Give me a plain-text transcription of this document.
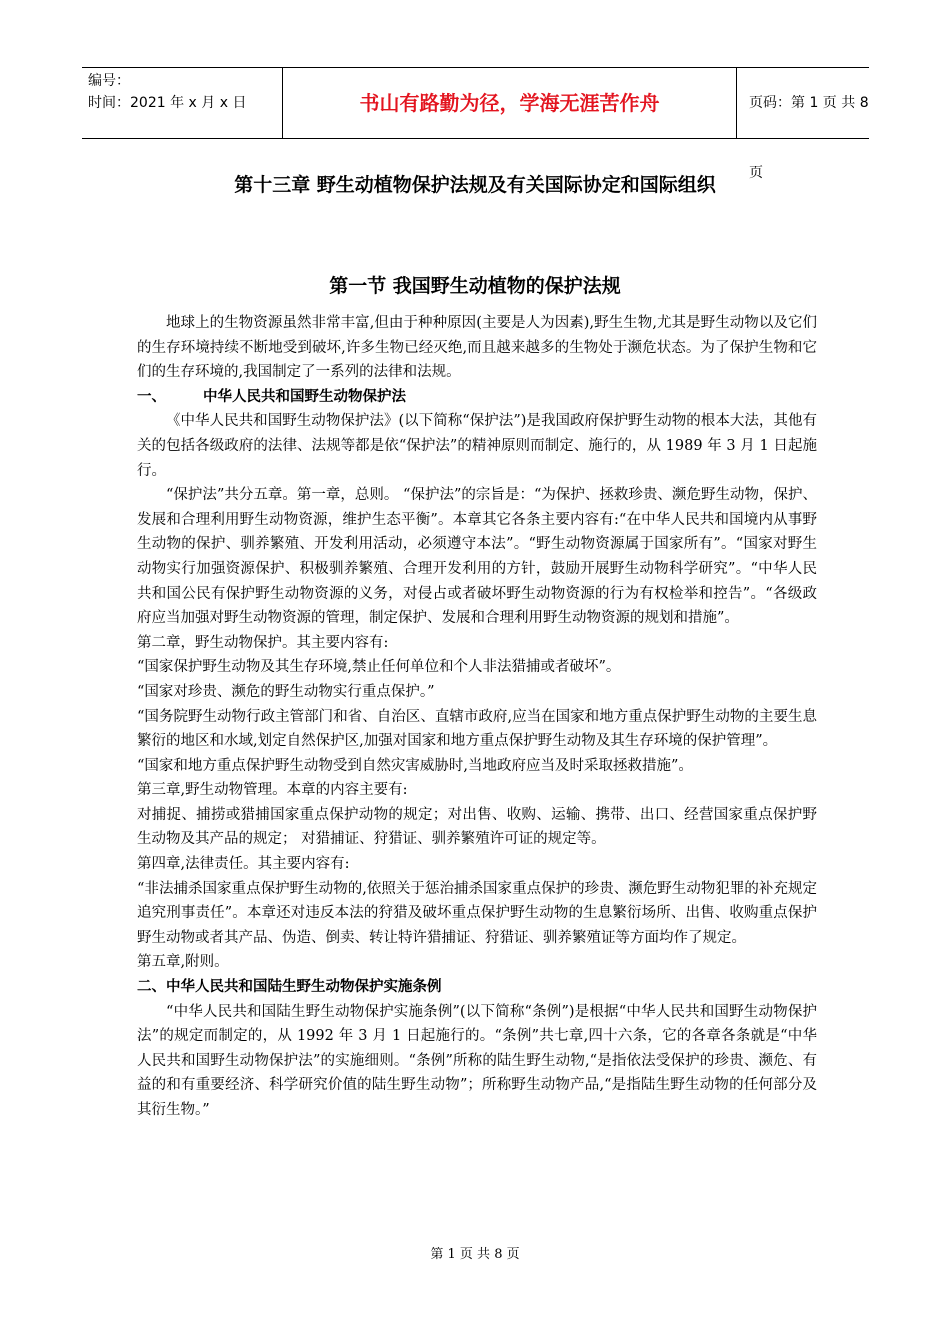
编号：
时间：2021 年 x 月 x 日	书山有路勤为径，学海无涯苦作舟	页码：第 1 页 共 8 页
第十三章 野生动植物保护法规及有关国际协定和国际组织
第一节 我国野生动植物的保护法规

地球上的生物资源虽然非常丰富,但由于种种原因(主要是人为因素),野生生物,尤其是野生动物以及它们的生存环境持续不断地受到破坏,许多生物已经灭绝,而且越来越多的生物处于濒危状态。为了保护生物和它们的生存环境的,我国制定了一系列的法律和法规。

一、	中华人民共和国野生动物保护法

《中华人民共和国野生动物保护法》(以下简称“保护法”)是我国政府保护野生动物的根本大法，其他有关的包括各级政府的法律、法规等都是依“保护法”的精神原则而制定、施行的，从 1989 年 3 月 1 日起施行。

“保护法”共分五章。第一章，总则。 “保护法”的宗旨是：“为保护、拯救珍贵、濒危野生动物，保护、发展和合理利用野生动物资源，维护生态平衡”。本章其它各条主要内容有:“在中华人民共和国境内从事野生动物的保护、驯养繁殖、开发利用活动，必须遵守本法”。“野生动物资源属于国家所有”。“国家对野生动物实行加强资源保护、积极驯养繁殖、合理开发利用的方针，鼓励开展野生动物科学研究”。“中华人民共和国公民有保护野生动物资源的义务，对侵占或者破坏野生动物资源的行为有权检举和控告”。“各级政府应当加强对野生动物资源的管理，制定保护、发展和合理利用野生动物资源的规划和措施”。

第二章，野生动物保护。其主要内容有:

“国家保护野生动物及其生存环境,禁止任何单位和个人非法猎捕或者破坏”。

“国家对珍贵、濒危的野生动物实行重点保护。”

“国务院野生动物行政主管部门和省、自治区、直辖市政府,应当在国家和地方重点保护野生动物的主要生息繁衍的地区和水域,划定自然保护区,加强对国家和地方重点保护野生动物及其生存环境的保护管理”。

“国家和地方重点保护野生动物受到自然灾害威胁时,当地政府应当及时采取拯救措施”。

第三章,野生动物管理。本章的内容主要有:

对捕捉、捕捞或猎捕国家重点保护动物的规定；对出售、收购、运输、携带、出口、经营国家重点保护野生动物及其产品的规定； 对猎捕证、狩猎证、驯养繁殖许可证的规定等。

第四章,法律责任。其主要内容有:

“非法捕杀国家重点保护野生动物的,依照关于惩治捕杀国家重点保护的珍贵、濒危野生动物犯罪的补充规定追究刑事责任”。本章还对违反本法的狩猎及破坏重点保护野生动物的生息繁衍场所、出售、收购重点保护野生动物或者其产品、伪造、倒卖、转让特许猎捕证、狩猎证、驯养繁殖证等方面均作了规定。

第五章,附则。

二、中华人民共和国陆生野生动物保护实施条例

“中华人民共和国陆生野生动物保护实施条例”(以下简称“条例”)是根据“中华人民共和国野生动物保护法”的规定而制定的，从 1992 年 3 月 1 日起施行的。“条例”共七章,四十六条，它的各章各条就是“中华人民共和国野生动物保护法”的实施细则。“条例”所称的陆生野生动物,“是指依法受保护的珍贵、濒危、有益的和有重要经济、科学研究价值的陆生野生动物”；所称野生动物产品,“是指陆生野生动物的任何部分及其衍生物。”

第 1 页 共 8 页
